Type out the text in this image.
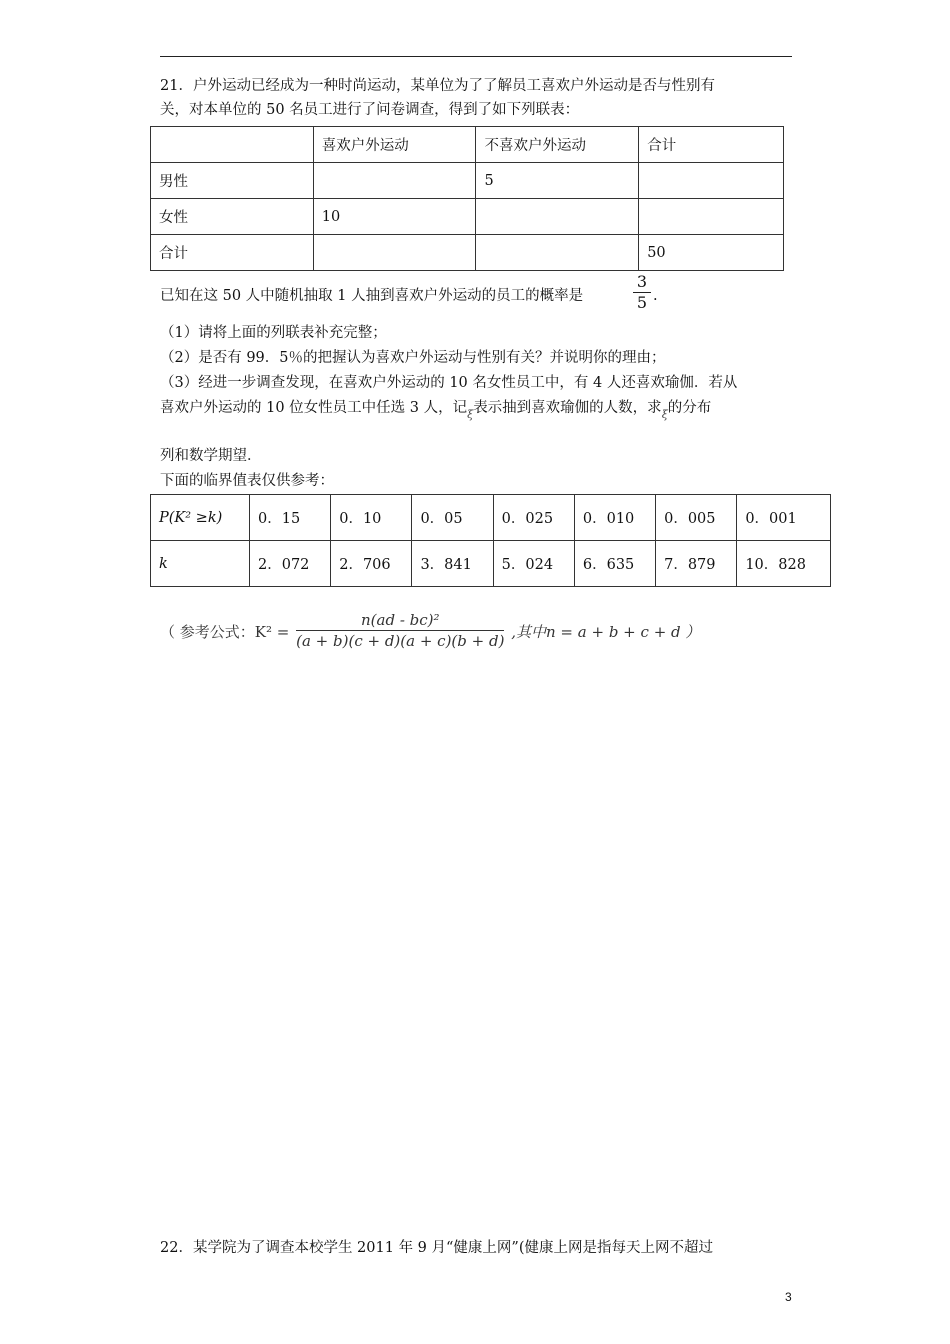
21．户外运动已经成为一种时尚运动，某单位为了了解员工喜欢户外运动是否与性别有
关，对本单位的 50 名员工进行了问卷调查，得到了如下列联表：
	喜欢户外运动	不喜欢户外运动	合计
男性		5	
女性	10		
合计			50
已知在这 50 人中随机抽取 1 人抽到喜欢户外运动的员工的概率是	$\frac{3}{5}$ .
（1）请将上面的列联表补充完整；
（2）是否有 99．5％的把握认为喜欢户外运动与性别有关？并说明你的理由；
（3）经进一步调查发现，在喜欢户外运动的 10 名女性员工中，有 4 人还喜欢瑜伽．若从
喜欢户外运动的 10 位女性员工中任选 3 人，记$_\xi$表示抽到喜欢瑜伽的人数，求$_\xi$的分布
列和数学期望．
下面的临界值表仅供参考：
P(K² ≥k)	0．15	0．10	0．05	0．025	0．010	0．005	0．001
k	2．072	2．706	3．841	5．024	6．635	7．879	10．828
（ 参考公式：$K^2 = \frac{\text{n(ad - bc)²}}{(a + b)(c + d)(a + c)(b + d)}$ ,其中n = a + b + c + d ）
22．某学院为了调查本校学生 2011 年 9 月“健康上网”(健康上网是指每天上网不超过
3
